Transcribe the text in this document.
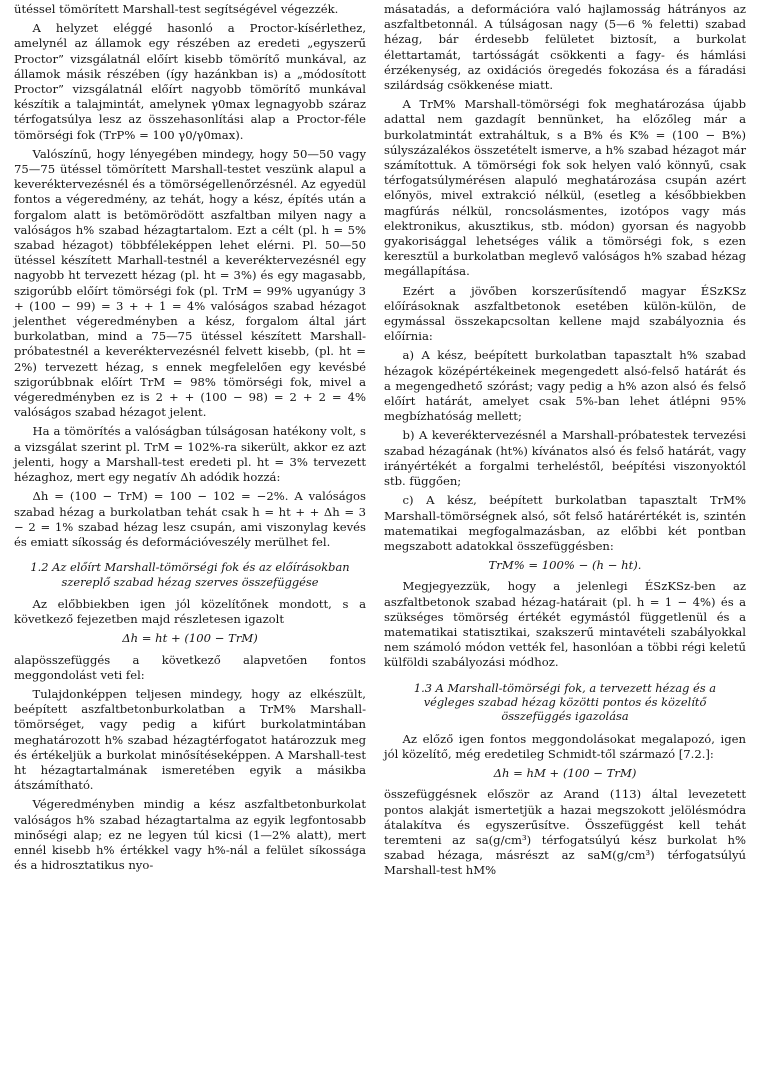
ütéssel tömörített Marshall-test segítségével végezzék.

A helyzet eléggé hasonló a Proctor-kísérlethez, amelynél az államok egy részében az eredeti „egyszerű Proctor” vizsgálatnál előírt kisebb tömörítő munkával, az államok másik részében (így hazánkban is) a „módosított Proctor” vizsgálatnál előírt nagyobb tömörítő munkával készítik a talajmintát, amelynek γ0max legnagyobb száraz térfogatsúlya lesz az összehasonlítási alap a Proctor-féle tömörségi fok (TrP% = 100 γ0/γ0max).

Valószínű, hogy lényegében mindegy, hogy 50—50 vagy 75—75 ütéssel tömörített Marshall-testet veszünk alapul a keveréktervezésnél és a tömörségellenőrzésnél. Az egyedül fontos a végeredmény, az tehát, hogy a kész, építés után a forgalom alatt is betömörödött aszfaltban milyen nagy a valóságos h% szabad hézagtartalom. Ezt a célt (pl. h = 5% szabad hézagot) többféleképpen lehet elérni. Pl. 50—50 ütéssel készített Marhall-testnél a keveréktervezésnél egy nagyobb ht tervezett hézag (pl. ht = 3%) és egy magasabb, szigorúbb előírt tömörségi fok (pl. TrM = 99% ugyanúgy 3 + (100 − 99) = 3 + + 1 = 4% valóságos szabad hézagot jelenthet végeredményben a kész, forgalom által járt burkolatban, mind a 75—75 ütéssel készített Marshall-próbatestnél a keveréktervezésnél felvett kisebb, (pl. ht = 2%) tervezett hézag, s ennek megfelelően egy kevésbé szigorúbbnak előírt TrM = 98% tömörségi fok, mivel a végeredményben ez is 2 + + (100 − 98) = 2 + 2 = 4% valóságos szabad hézagot jelent.

Ha a tömörítés a valóságban túlságosan hatékony volt, s a vizsgálat szerint pl. TrM = 102%-ra sikerült, akkor ez azt jelenti, hogy a Marshall-test eredeti pl. ht = 3% tervezett hézaghoz, mert egy negatív Δh adódik hozzá:

Δh = (100 − TrM) = 100 − 102 = −2%. A valóságos szabad hézag a burkolatban tehát csak h = ht + + Δh = 3 − 2 = 1% szabad hézag lesz csupán, ami viszonylag kevés és emiatt síkosság és deformációveszély merülhet fel.

1.2 Az előírt Marshall-tömörségi fok és az előírásokban szereplő szabad hézag szerves összefüggése

Az előbbiekben igen jól közelítőnek mondott, s a következő fejezetben majd részletesen igazolt

Δh = ht + (100 − TrM)

alapösszefüggés a következő alapvetően fontos meggondolást veti fel:

Tulajdonképpen teljesen mindegy, hogy az elkészült, beépített aszfaltbetonburkolatban a TrM% Marshall-tömörséget, vagy pedig a kifúrt burkolatmintában meghatározott h% szabad hézagtérfogatot határozzuk meg és értékeljük a burkolat minősítéseképpen. A Marshall-test ht hézagtartalmának ismeretében egyik a másikba átszámítható.

Végeredményben mindig a kész aszfaltbetonburkolat valóságos h% szabad hézagtartalma az egyik legfontosabb minőségi alap; ez ne legyen túl kicsi (1—2% alatt), mert ennél kisebb h% értékkel vagy h%-nál a felület síkossága és a hidrosztatikus nyo-

másatadás, a deformációra való hajlamosság hátrányos az aszfaltbetonnál. A túlságosan nagy (5—6 % feletti) szabad hézag, bár érdesebb felületet biztosít, a burkolat élettartamát, tartósságát csökkenti a fagy- és hámlási érzékenység, az oxidációs öregedés fokozása és a fáradási szilárdság csökkenése miatt.

A TrM% Marshall-tömörségi fok meghatározása újabb adattal nem gazdagít bennünket, ha előzőleg már a burkolatmintát extraháltuk, s a B% és K% = (100 − B%) súlyszázalékos összetételt ismerve, a h% szabad hézagot már számítottuk. A tömörségi fok sok helyen való könnyű, csak térfogatsúlymérésen alapuló meghatározása csupán azért előnyös, mivel extrakció nélkül, (esetleg a későbbiekben magfúrás nélkül, roncsolásmentes, izotópos vagy más elektronikus, akusztikus, stb. módon) gyorsan és nagyobb gyakorisággal lehetséges válik a tömörségi fok, s ezen keresztül a burkolatban meglevő valóságos h% szabad hézag megállapítása.

Ezért a jövőben korszerűsítendő magyar ÉSzKSz előírásoknak aszfaltbetonok esetében külön-külön, de egymással összekapcsoltan kellene majd szabályoznia és előírnia:

a) A kész, beépített burkolatban tapasztalt h% szabad hézagok középértékeinek megengedett alsó-felső határát és a megengedhető szórást; vagy pedig a h% azon alsó és felső előírt határát, amelyet csak 5%-ban lehet átlépni 95% megbízhatóság mellett;

b) A keveréktervezésnél a Marshall-próbatestek tervezési szabad hézagának (ht%) kívánatos alsó és felső határát, vagy irányértékét a forgalmi terheléstől, beépítési viszonyoktól stb. függően;

c) A kész, beépített burkolatban tapasztalt TrM% Marshall-tömörségnek alsó, sőt felső határértékét is, szintén matematikai megfogalmazásban, az előbbi két pontban megszabott adatokkal összefüggésben:

TrM% = 100% − (h − ht).

Megjegyezzük, hogy a jelenlegi ÉSzKSz-ben az aszfaltbetonok szabad hézag-határait (pl. h = 1 − 4%) és a szükséges tömörség értékét egymástól függetlenül és a matematikai statisztikai, szakszerű mintavételi szabályokkal nem számoló módon vették fel, hasonlóan a többi régi keletű külföldi szabályozási módhoz.

1.3 A Marshall-tömörségi fok, a tervezett hézag és a végleges szabad hézag közötti pontos és közelítő összefüggés igazolása

Az előző igen fontos meggondolásokat megalapozó, igen jól közelítő, még eredetileg Schmidt-től származó [7.2.]:

Δh = hM + (100 − TrM)

összefüggésnek először az Arand (113) által levezetett pontos alakját ismertetjük a hazai megszokott jelölésmódra átalakítva és egyszerűsítve. Összefüggést kell tehát teremteni az sa(g/cm³) térfogatsúlyú kész burkolat h% szabad hézaga, másrészt az saM(g/cm³) térfogatsúlyú Marshall-test hM%
